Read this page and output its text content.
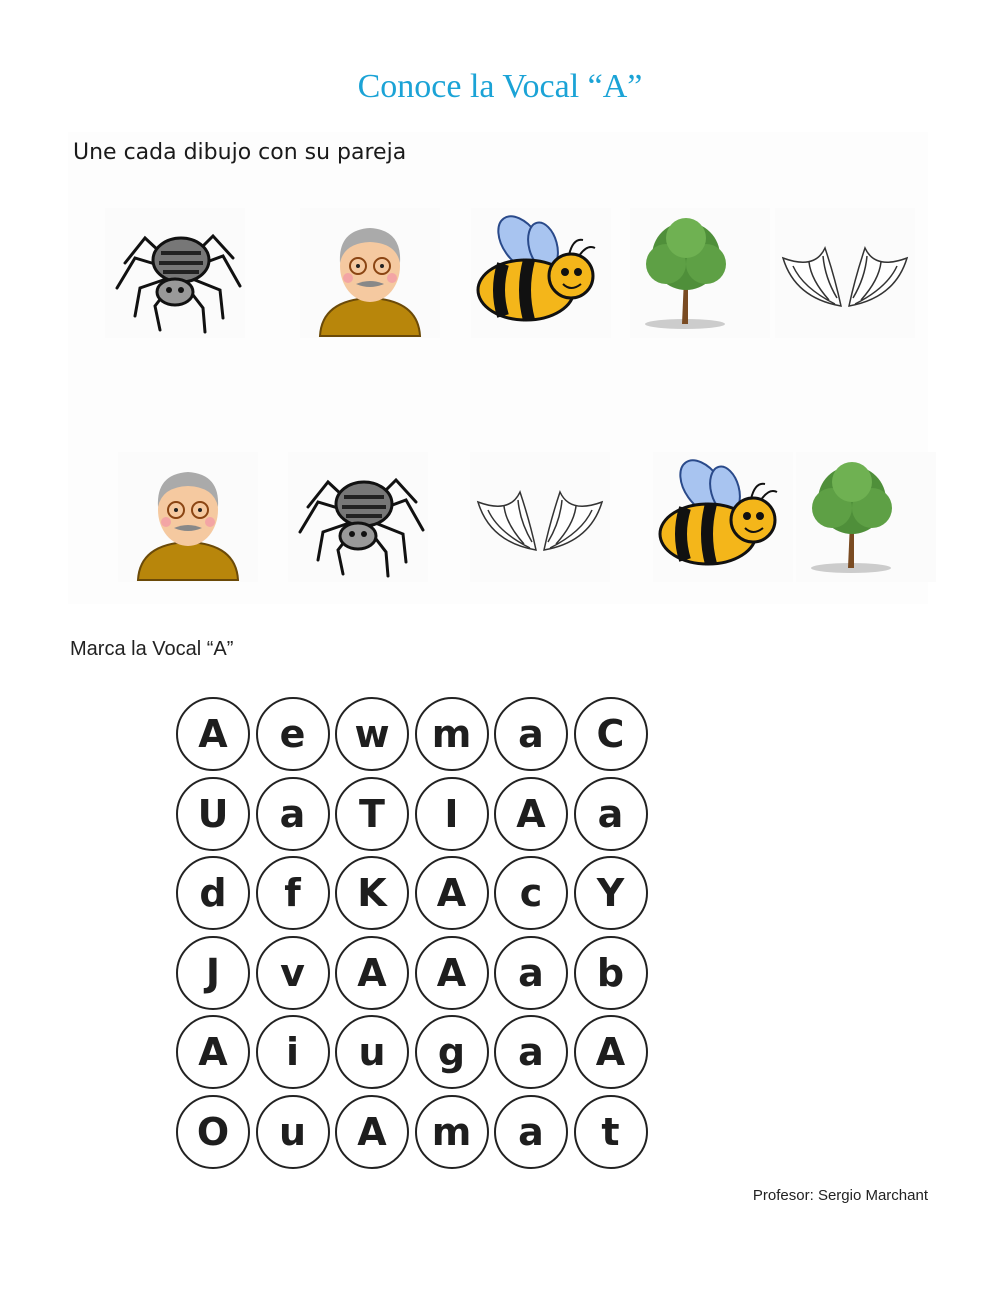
Conoce la Vocal “A”
Une cada dibujo con su pareja
Marca la Vocal “A”
A	e	w	m	a	C
U	a	T	I	A	a
d	f	K	A	c	Y
J	v	A	A	a	b
A	i	u	g	a	A
O	u	A	m	a	t
Profesor: Sergio Marchant
